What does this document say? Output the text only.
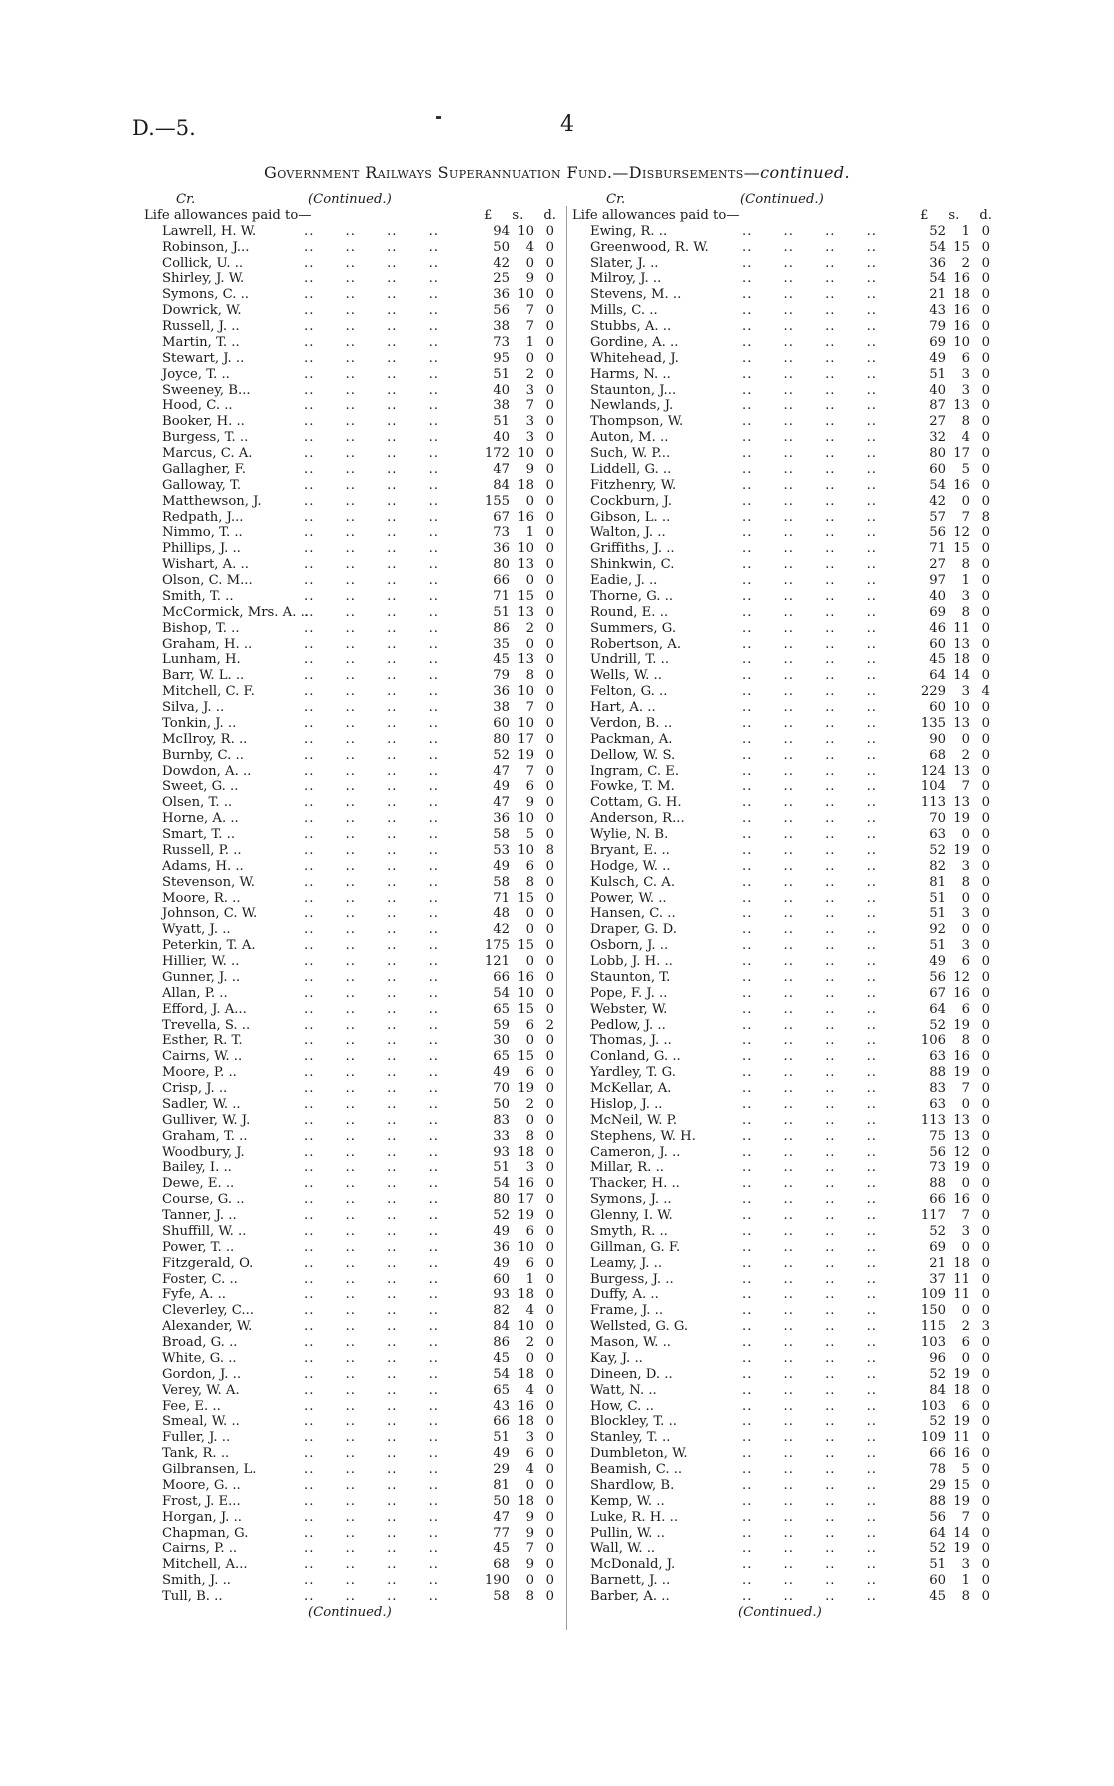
D.—5.	4
Government Railways Superannuation Fund.—Disbursements—continued.
Cr.	(Continued.)
Life allowances paid to—	£ s. d.
Lawrell, H. W.	94 10 0
..      ..      ..      ..
Robinson, J...	50	4 0
..      ..      ..      ..
Collick, U. ..	42	0 0
..      ..      ..      ..
Shirley, J. W.	25	9 0
..      ..      ..      ..
Symons, C. ..	36 10 0
..      ..      ..      ..
Dowrick, W.	56	7 0
..      ..      ..      ..
Russell, J. ..	38	7 0
..      ..      ..      ..
Martin, T. ..	73	1 0
..      ..      ..      ..
Stewart, J. ..	95	0 0
..      ..      ..      ..
Joyce, T. ..	51	2 0
..      ..      ..      ..
Sweeney, B...	40	3 0
..      ..      ..      ..
Hood, C. ..	38	7 0
..      ..      ..      ..
Booker, H. ..	51	3 0
..      ..      ..      ..
Burgess, T. ..	40	3 0
..      ..      ..      ..
Marcus, C. A.	172 10 0
..      ..      ..      ..
Gallagher, F.	47	9 0
..      ..      ..      ..
Galloway, T.	84 18 0
..      ..      ..      ..
Matthewson, J.	155	0 0
..      ..      ..      ..
Redpath, J...	67 16 0
..      ..      ..      ..
Nimmo, T. ..	73	1 0
..      ..      ..      ..
Phillips, J. ..	36 10 0
..      ..      ..      ..
Wishart, A. ..	80 13 0
..      ..      ..      ..
Olson, C. M...	66	0 0
..      ..      ..      ..
Smith, T. ..	71 15 0
..      ..      ..      ..
McCormick, Mrs. A. ..	51 13 0
..      ..      ..      ..
Bishop, T. ..	86	2 0
..      ..      ..      ..
Graham, H. ..	35	0 0
..      ..      ..      ..
Lunham, H.	45 13 0
..      ..      ..      ..
Barr, W. L. ..	79	8 0
..      ..      ..      ..
Mitchell, C. F.	36 10 0
..      ..      ..      ..
Silva, J. ..	38	7 0
..      ..      ..      ..
Tonkin, J. ..	60 10 0
..      ..      ..      ..
McIlroy, R. ..	80 17 0
..      ..      ..      ..
Burnby, C. ..	52 19 0
..      ..      ..      ..
Dowdon, A. ..	47	7 0
..      ..      ..      ..
Sweet, G. ..	49	6 0
..      ..      ..      ..
Olsen, T. ..	47	9 0
..      ..      ..      ..
Horne, A. ..	36 10 0
..      ..      ..      ..
Smart, T. ..	58	5 0
..      ..      ..      ..
Russell, P. ..	53 10 8
..      ..      ..      ..
Adams, H. ..	49	6 0
..      ..      ..      ..
Stevenson, W.	58	8 0
..      ..      ..      ..
Moore, R. ..	71 15 0
..      ..      ..      ..
Johnson, C. W.	48	0 0
..      ..      ..      ..
Wyatt, J. ..	42	0 0
..      ..      ..      ..
Peterkin, T. A.	175 15 0
..      ..      ..      ..
Hillier, W. ..	121	0 0
..      ..      ..      ..
Gunner, J. ..	66 16 0
..      ..      ..      ..
Allan, P. ..	54 10 0
..      ..      ..      ..
Efford, J. A...	65 15 0
..      ..      ..      ..
Trevella, S. ..	59	6 2
..      ..      ..      ..
Esther, R. T.	30	0 0
..      ..      ..      ..
Cairns, W. ..	65 15 0
..      ..      ..      ..
Moore, P. ..	49	6 0
..      ..      ..      ..
Crisp, J. ..	70 19 0
..      ..      ..      ..
Sadler, W. ..	50	2 0
..      ..      ..      ..
Gulliver, W. J.	83	0 0
..      ..      ..      ..
Graham, T. ..	33	8 0
..      ..      ..      ..
Woodbury, J.	93 18 0
..      ..      ..      ..
Bailey, I. ..	51	3 0
..      ..      ..      ..
Dewe, E. ..	54 16 0
..      ..      ..      ..
Course, G. ..	80 17 0
..      ..      ..      ..
Tanner, J. ..	52 19 0
..      ..      ..      ..
Shuffill, W. ..	49	6 0
..      ..      ..      ..
Power, T. ..	36 10 0
..      ..      ..      ..
Fitzgerald, O.	49	6 0
..      ..      ..      ..
Foster, C. ..	60	1 0
..      ..      ..      ..
Fyfe, A. ..	93 18 0
..      ..      ..      ..
Cleverley, C...	82	4 0
..      ..      ..      ..
Alexander, W.	84 10 0
..      ..      ..      ..
Broad, G. ..	86	2 0
..      ..      ..      ..
White, G. ..	45	0 0
..      ..      ..      ..
Gordon, J. ..	54 18 0
..      ..      ..      ..
Verey, W. A.	65	4 0
..      ..      ..      ..
Fee, E. ..	43 16 0
..      ..      ..      ..
Smeal, W. ..	66 18 0
..      ..      ..      ..
Fuller, J. ..	51	3 0
..      ..      ..      ..
Tank, R. ..	49	6 0
..      ..      ..      ..
Gilbransen, L.	29	4 0
..      ..      ..      ..
Moore, G. ..	81	0 0
..      ..      ..      ..
Frost, J. E...	50 18 0
..      ..      ..      ..
Horgan, J. ..	47	9 0
..      ..      ..      ..
Chapman, G.	77	9 0
..      ..      ..      ..
Cairns, P. ..	45	7 0
..      ..      ..      ..
Mitchell, A...	68	9 0
..      ..      ..      ..
Smith, J. ..	190	0 0
..      ..      ..      ..
Tull, B. ..	58	8 0
..      ..      ..      ..
(Continued.)
Cr.	(Continued.)
Life allowances paid to—	£ s. d.
Ewing, R. ..	52	1 0
..      ..      ..      ..
Greenwood, R. W.	54 15 0
..      ..      ..      ..
Slater, J. ..	36	2 0
..      ..      ..      ..
Milroy, J. ..	54 16 0
..      ..      ..      ..
Stevens, M. ..	21 18 0
..      ..      ..      ..
Mills, C. ..	43 16 0
..      ..      ..      ..
Stubbs, A. ..	79 16 0
..      ..      ..      ..
Gordine, A. ..	69 10 0
..      ..      ..      ..
Whitehead, J.	49	6 0
..      ..      ..      ..
Harms, N. ..	51	3 0
..      ..      ..      ..
Staunton, J...	40	3 0
..      ..      ..      ..
Newlands, J.	87 13 0
..      ..      ..      ..
Thompson, W.	27	8 0
..      ..      ..      ..
Auton, M. ..	32	4 0
..      ..      ..      ..
Such, W. P...	80 17 0
..      ..      ..      ..
Liddell, G. ..	60	5 0
..      ..      ..      ..
Fitzhenry, W.	54 16 0
..      ..      ..      ..
Cockburn, J.	42	0 0
..      ..      ..      ..
Gibson, L. ..	57	7 8
..      ..      ..      ..
Walton, J. ..	56 12 0
..      ..      ..      ..
Griffiths, J. ..	71 15 0
..      ..      ..      ..
Shinkwin, C.	27	8 0
..      ..      ..      ..
Eadie, J. ..	97	1 0
..      ..      ..      ..
Thorne, G. ..	40	3 0
..      ..      ..      ..
Round, E. ..	69	8 0
..      ..      ..      ..
Summers, G.	46 11 0
..      ..      ..      ..
Robertson, A.	60 13 0
..      ..      ..      ..
Undrill, T. ..	45 18 0
..      ..      ..      ..
Wells, W. ..	64 14 0
..      ..      ..      ..
Felton, G. ..	229	3 4
..      ..      ..      ..
Hart, A. ..	60 10 0
..      ..      ..      ..
Verdon, B. ..	135 13 0
..      ..      ..      ..
Packman, A.	90	0 0
..      ..      ..      ..
Dellow, W. S.	68	2 0
..      ..      ..      ..
Ingram, C. E.	124 13 0
..      ..      ..      ..
Fowke, T. M.	104	7 0
..      ..      ..      ..
Cottam, G. H.	113 13 0
..      ..      ..      ..
Anderson, R...	70 19 0
..      ..      ..      ..
Wylie, N. B.	63	0 0
..      ..      ..      ..
Bryant, E. ..	52 19 0
..      ..      ..      ..
Hodge, W. ..	82	3 0
..      ..      ..      ..
Kulsch, C. A.	81	8 0
..      ..      ..      ..
Power, W. ..	51	0 0
..      ..      ..      ..
Hansen, C. ..	51	3 0
..      ..      ..      ..
Draper, G. D.	92	0 0
..      ..      ..      ..
Osborn, J. ..	51	3 0
..      ..      ..      ..
Lobb, J. H. ..	49	6 0
..      ..      ..      ..
Staunton, T.	56 12 0
..      ..      ..      ..
Pope, F. J. ..	67 16 0
..      ..      ..      ..
Webster, W.	64	6 0
..      ..      ..      ..
Pedlow, J. ..	52 19 0
..      ..      ..      ..
Thomas, J. ..	106	8 0
..      ..      ..      ..
Conland, G. ..	63 16 0
..      ..      ..      ..
Yardley, T. G.	88 19 0
..      ..      ..      ..
McKellar, A.	83	7 0
..      ..      ..      ..
Hislop, J. ..	63	0 0
..      ..      ..      ..
McNeil, W. P.	113 13 0
..      ..      ..      ..
Stephens, W. H.	75 13 0
..      ..      ..      ..
Cameron, J. ..	56 12 0
..      ..      ..      ..
Millar, R. ..	73 19 0
..      ..      ..      ..
Thacker, H. ..	88	0 0
..      ..      ..      ..
Symons, J. ..	66 16 0
..      ..      ..      ..
Glenny, I. W.	117	7 0
..      ..      ..      ..
Smyth, R. ..	52	3 0
..      ..      ..      ..
Gillman, G. F.	69	0 0
..      ..      ..      ..
Leamy, J. ..	21 18 0
..      ..      ..      ..
Burgess, J. ..	37 11 0
..      ..      ..      ..
Duffy, A. ..	109 11 0
..      ..      ..      ..
Frame, J. ..	150	0 0
..      ..      ..      ..
Wellsted, G. G.	115	2 3
..      ..      ..      ..
Mason, W. ..	103	6 0
..      ..      ..      ..
Kay, J. ..	96	0 0
..      ..      ..      ..
Dineen, D. ..	52 19 0
..      ..      ..      ..
Watt, N. ..	84 18 0
..      ..      ..      ..
How, C. ..	103	6 0
..      ..      ..      ..
Blockley, T. ..	52 19 0
..      ..      ..      ..
Stanley, T. ..	109 11 0
..      ..      ..      ..
Dumbleton, W.	66 16 0
..      ..      ..      ..
Beamish, C. ..	78	5 0
..      ..      ..      ..
Shardlow, B.	29 15 0
..      ..      ..      ..
Kemp, W. ..	88 19 0
..      ..      ..      ..
Luke, R. H. ..	56	7 0
..      ..      ..      ..
Pullin, W. ..	64 14 0
..      ..      ..      ..
Wall, W. ..	52 19 0
..      ..      ..      ..
McDonald, J.	51	3 0
..      ..      ..      ..
Barnett, J. ..	60	1 0
..      ..      ..      ..
Barber, A. ..	45	8 0
..      ..      ..      ..
(Continued.)
